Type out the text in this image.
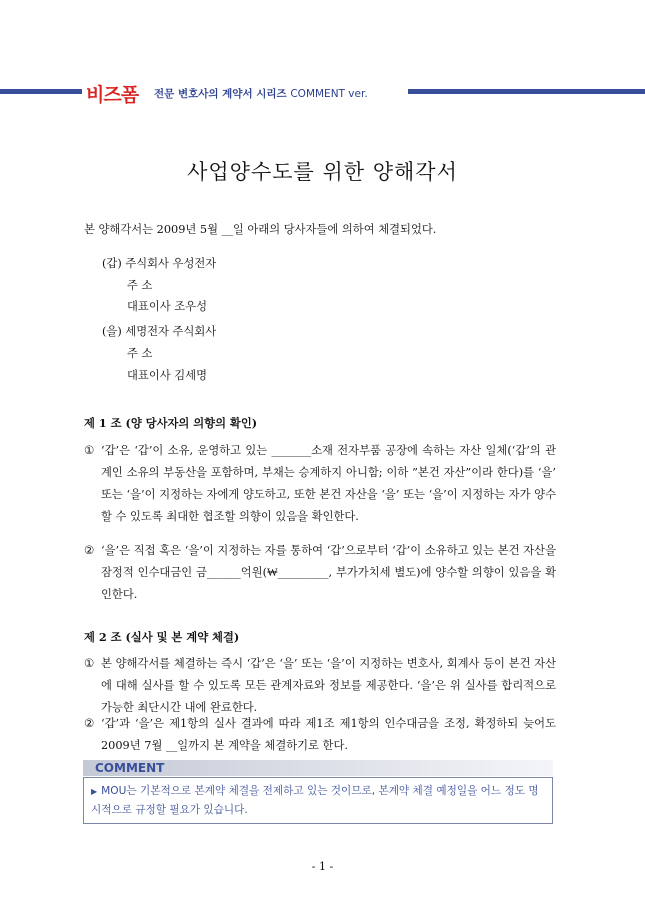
비즈폼 전문 변호사의 계약서 시리즈 COMMENT ver.
사업양수도를 위한 양해각서
본 양해각서는 2009년 5월 __일 아래의 당사자들에 의하여 체결되었다.
(갑) 주식회사 우성전자
주 소
대표이사 조우성
(을) 세명전자 주식회사
주 소
대표이사 김세명
제 1 조 (양 당사자의 의향의 확인)
① ‘갑’은 ‘갑’이 소유, 운영하고 있는 _______소재 전자부품 공장에 속하는 자산 일체(‘갑’의 관계인 소유의 부동산을 포함하며, 부채는 승계하지 아니함; 이하 ”본건 자산”이라 한다)를 ‘을’ 또는 ‘을’이 지정하는 자에게 양도하고, 또한 본건 자산을 ‘을’ 또는 ‘을’이 지정하는 자가 양수할 수 있도록 최대한 협조할 의향이 있음을 확인한다.
② ‘을’은 직접 혹은 ‘을’이 지정하는 자를 통하여 ‘갑’으로부터 ‘갑’이 소유하고 있는 본건 자산을 잠정적 인수대금인 금______억원(₩_________, 부가가치세 별도)에 양수할 의향이 있음을 확인한다.
제 2 조 (실사 및 본 계약 체결)
① 본 양해각서를 체결하는 즉시 ‘갑’은 ‘을’ 또는 ‘을’이 지정하는 변호사, 회계사 등이 본건 자산에 대해 실사를 할 수 있도록 모든 관계자료와 정보를 제공한다. ‘을’은 위 실사를 합리적으로 가능한 최단시간 내에 완료한다.
② ‘갑’과 ‘을’은 제1항의 실사 결과에 따라 제1조 제1항의 인수대금을 조정, 확정하되 늦어도 2009년 7월 __일까지 본 계약을 체결하기로 한다.
COMMENT
▶ MOU는 기본적으로 본계약 체결을 전제하고 있는 것이므로, 본계약 체결 예정일을 어느 정도 명시적으로 규정할 필요가 있습니다.
- 1 -
